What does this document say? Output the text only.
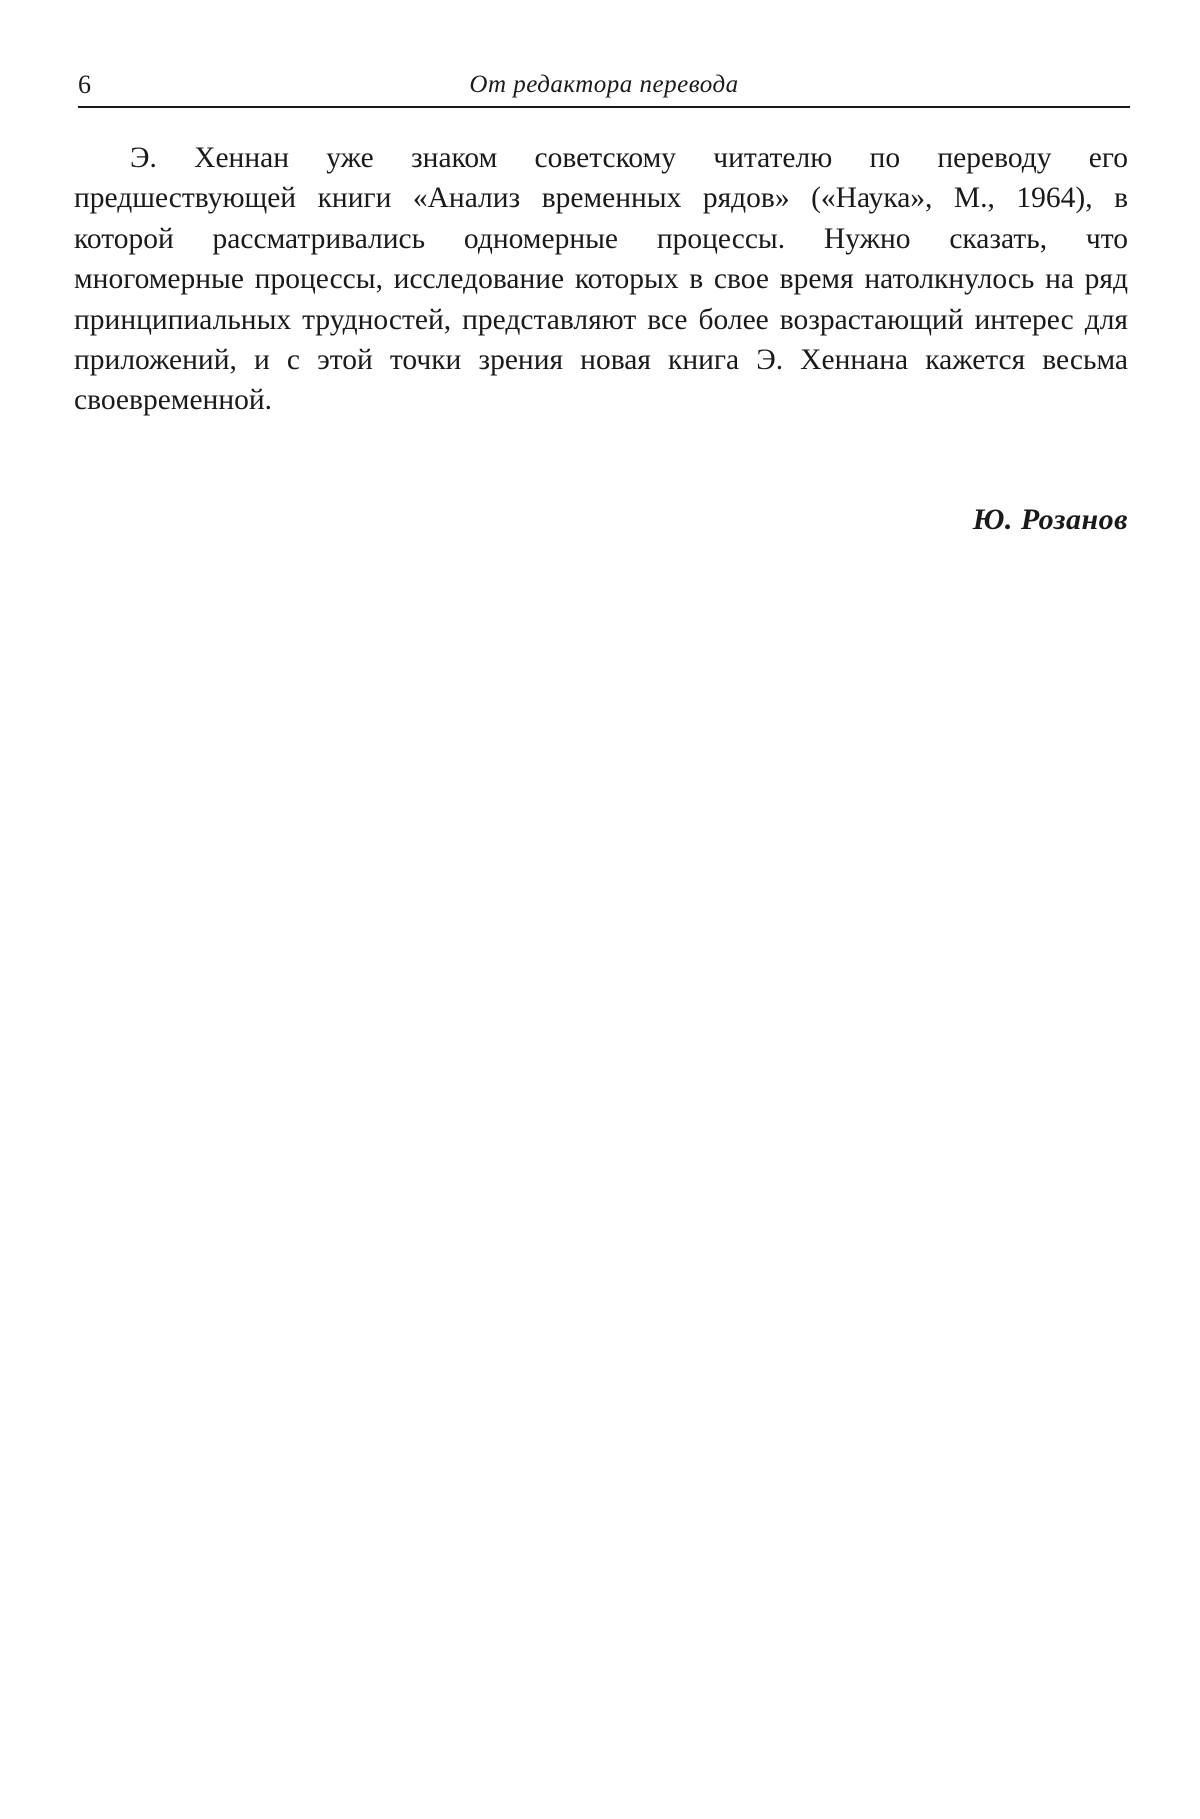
6	От редактора перевода

Э. Хеннан уже знаком советскому читателю по переводу его предшествующей книги «Анализ временных рядов» («Наука», М., 1964), в которой рассматривались одномерные процессы. Нужно сказать, что многомерные процессы, исследование которых в свое время натолкнулось на ряд принципиальных трудностей, представляют все более возрастающий интерес для приложений, и с этой точки зрения новая книга Э. Хеннана кажется весьма своевременной.

Ю. Розанов
